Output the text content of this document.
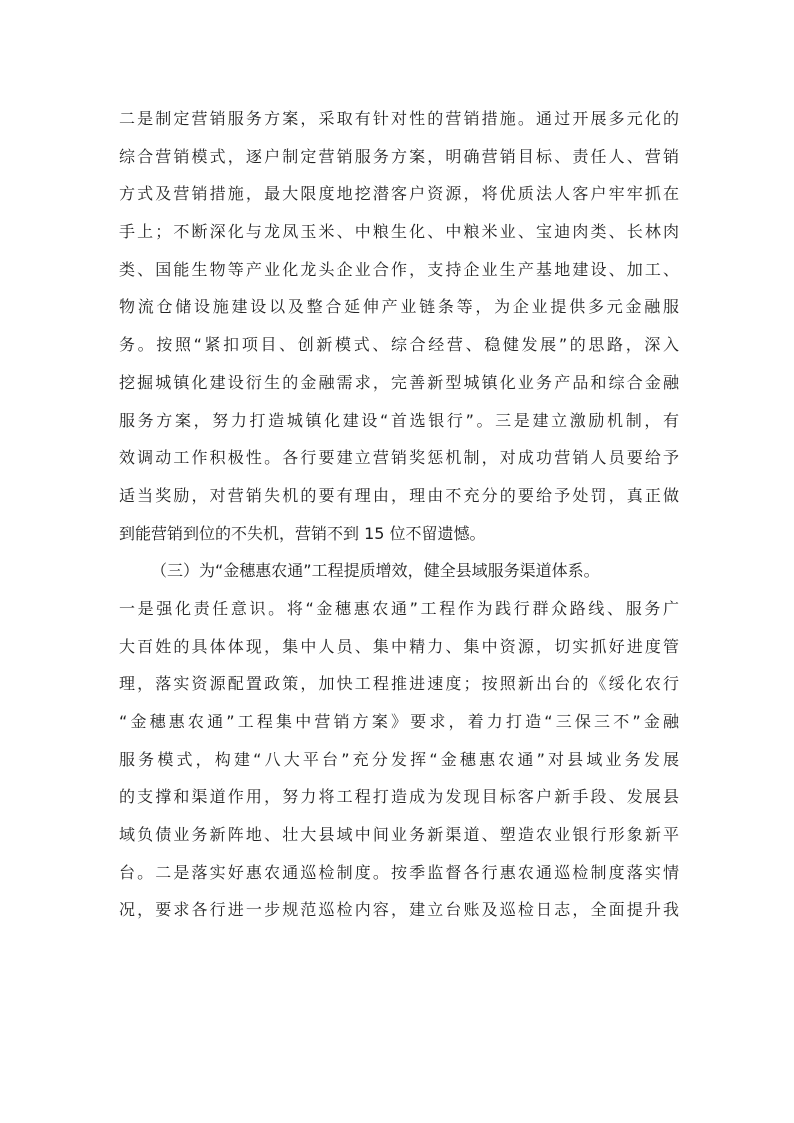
二是制定营销服务方案，采取有针对性的营销措施。通过开展多元化的
综合营销模式，逐户制定营销服务方案，明确营销目标、责任人、营销
方式及营销措施，最大限度地挖潜客户资源，将优质法人客户牢牢抓在
手上；不断深化与龙凤玉米、中粮生化、中粮米业、宝迪肉类、长林肉
类、国能生物等产业化龙头企业合作，支持企业生产基地建设、加工、
物流仓储设施建设以及整合延伸产业链条等，为企业提供多元金融服
务。按照“紧扣项目、创新模式、综合经营、稳健发展”的思路，深入
挖掘城镇化建设衍生的金融需求，完善新型城镇化业务产品和综合金融
服务方案，努力打造城镇化建设“首选银行”。三是建立激励机制，有
效调动工作积极性。各行要建立营销奖惩机制，对成功营销人员要给予
适当奖励，对营销失机的要有理由，理由不充分的要给予处罚，真正做
到能营销到位的不失机，营销不到 15 位不留遗憾。
（三）为“金穗惠农通”工程提质增效，健全县域服务渠道体系。
一是强化责任意识。将“金穗惠农通”工程作为践行群众路线、服务广
大百姓的具体体现，集中人员、集中精力、集中资源，切实抓好进度管
理，落实资源配置政策，加快工程推进速度；按照新出台的《绥化农行
“金穗惠农通”工程集中营销方案》要求，着力打造“三保三不”金融
服务模式，构建“八大平台”充分发挥“金穗惠农通”对县域业务发展
的支撑和渠道作用，努力将工程打造成为发现目标客户新手段、发展县
域负债业务新阵地、壮大县域中间业务新渠道、塑造农业银行形象新平
台。二是落实好惠农通巡检制度。按季监督各行惠农通巡检制度落实情
况，要求各行进一步规范巡检内容，建立台账及巡检日志，全面提升我
